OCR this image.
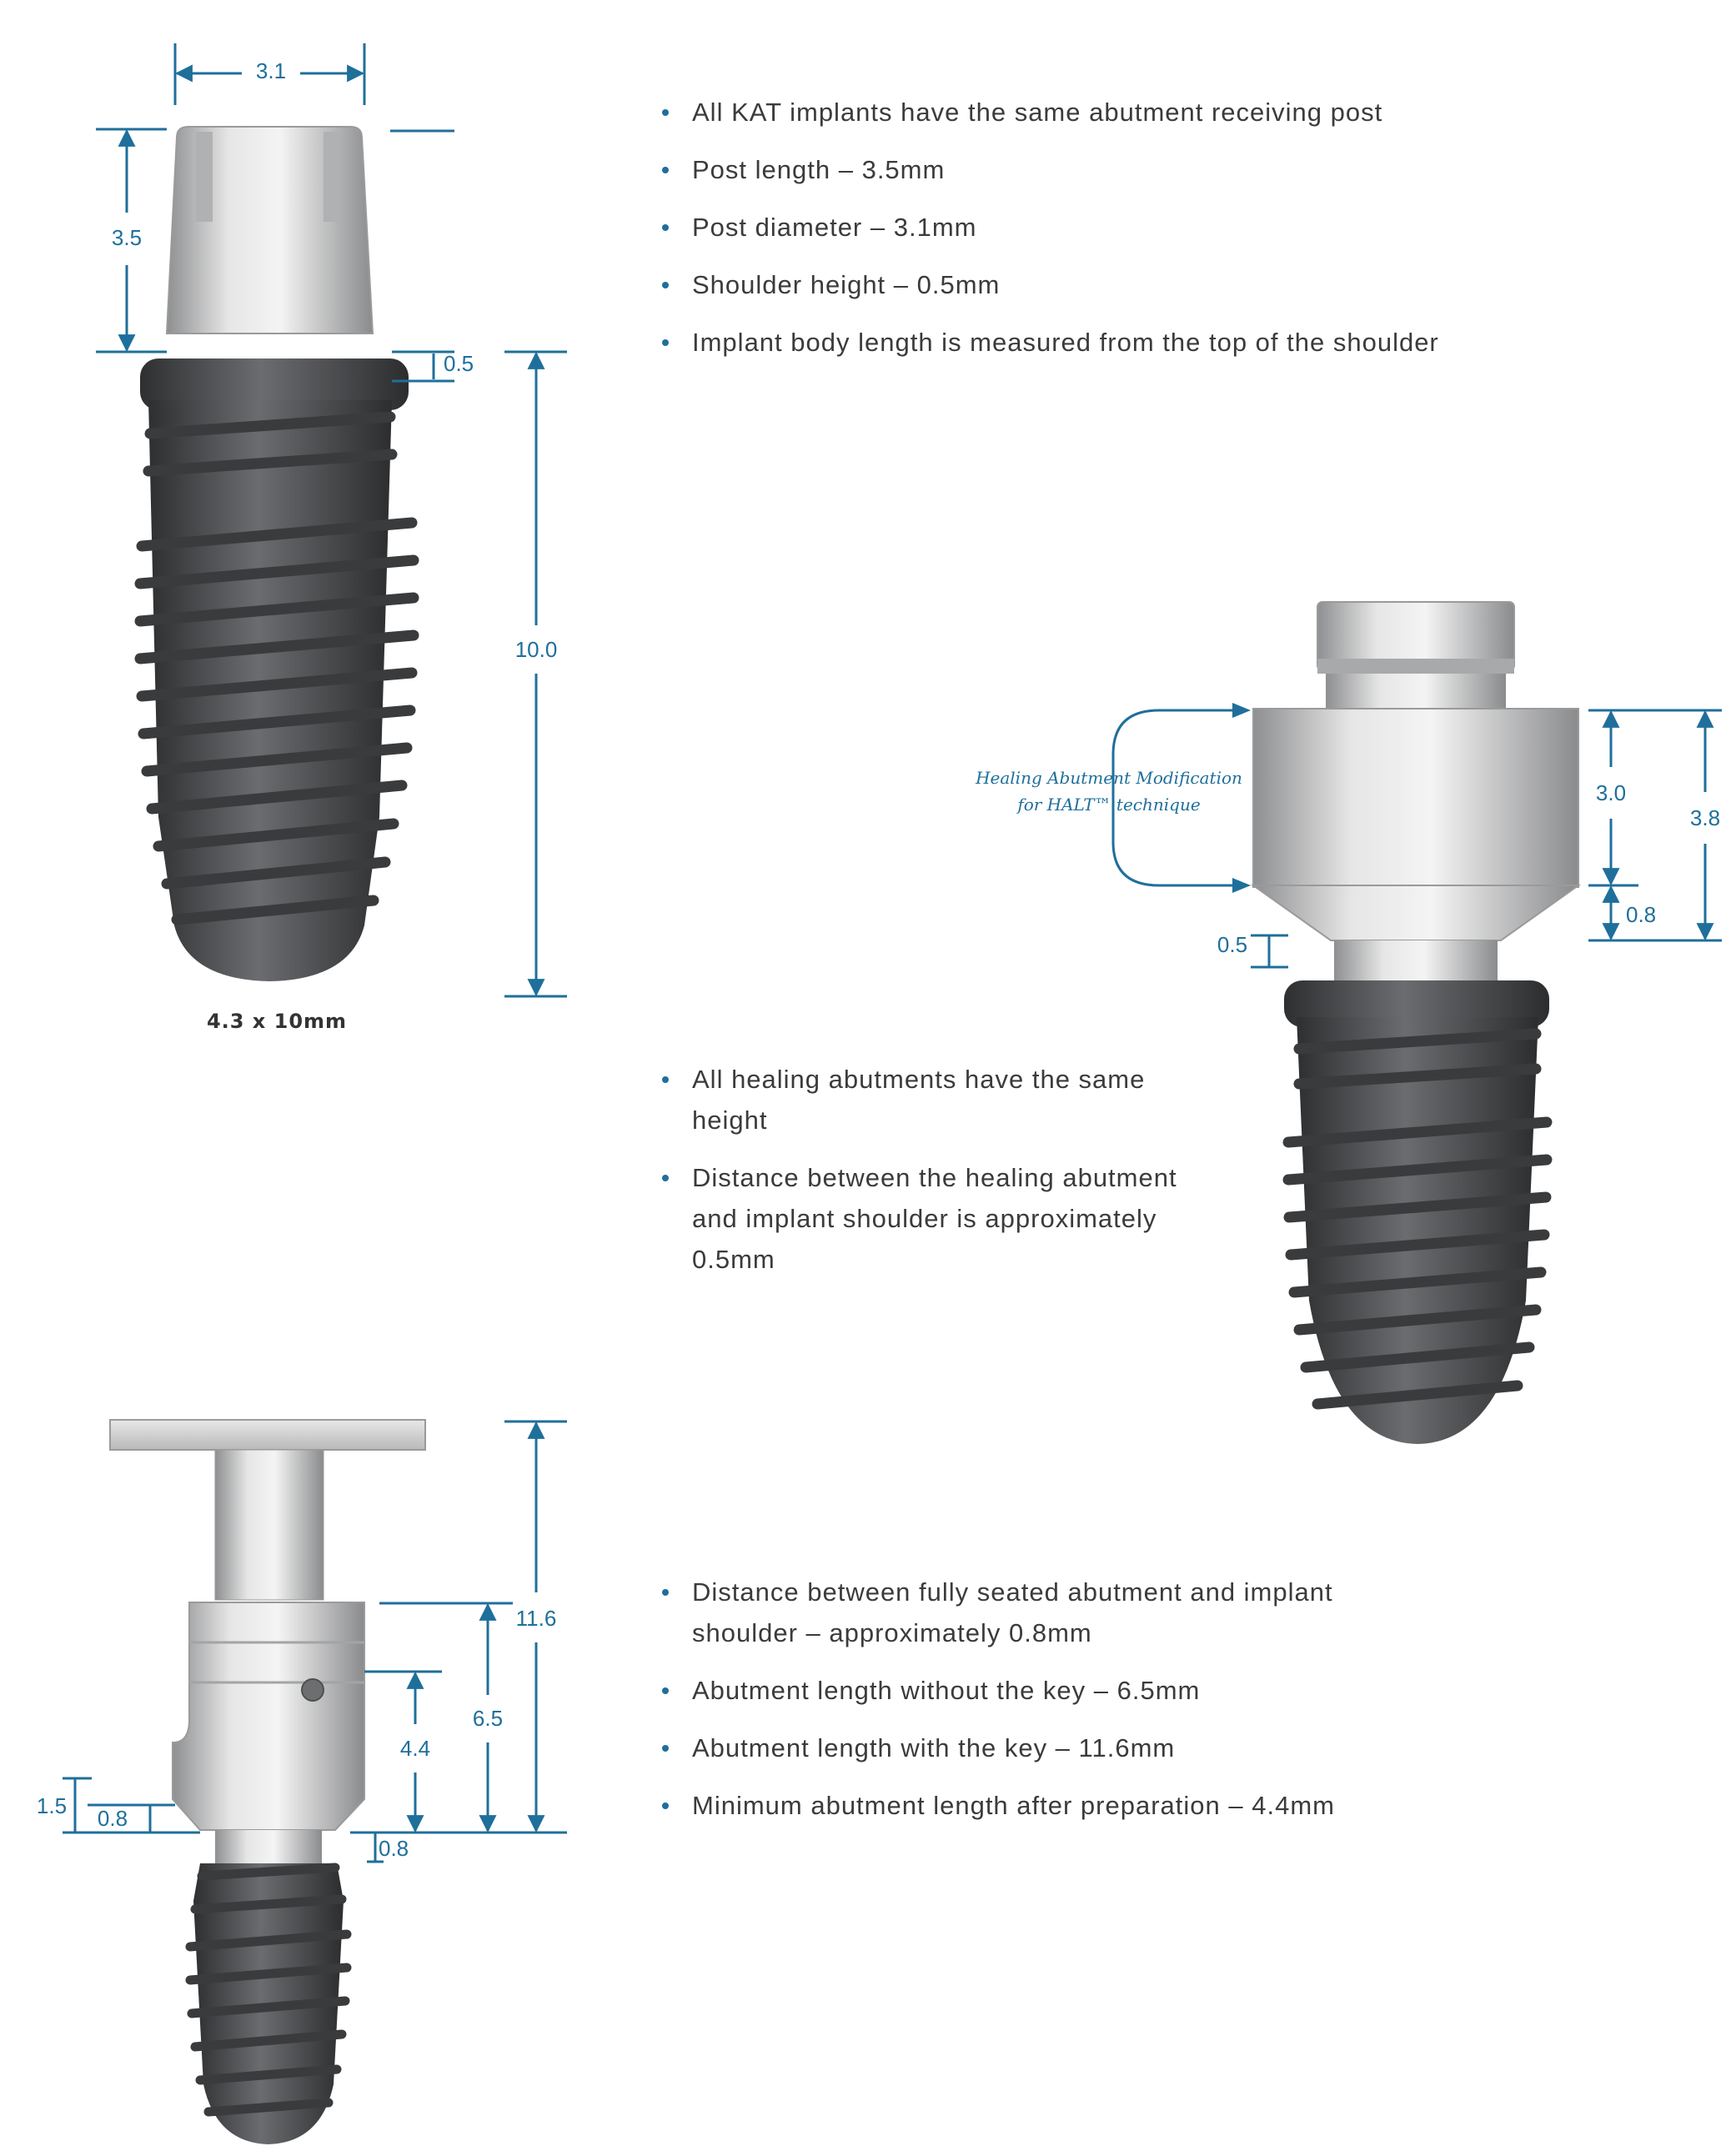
3.1
3.5
0.5
10.0
4.3 x 10mm
Healing Abutment Modification
for HALT™ technique	3.0
0.8
3.8
0.5
0.8
11.6
6.5
4.4
1.5 0.8
All KAT implants have the same abutment receiving post
Post length – 3.5mm
Post diameter – 3.1mm
Shoulder height – 0.5mm
Implant body length is measured from the top of the shoulder
All healing abutments have the same height
Distance between the healing abutment and implant shoulder is approximately 0.5mm
Distance between fully seated abutment and implant shoulder – approximately 0.8mm
Abutment length without the key – 6.5mm
Abutment length with the key – 11.6mm
Minimum abutment length after preparation – 4.4mm
